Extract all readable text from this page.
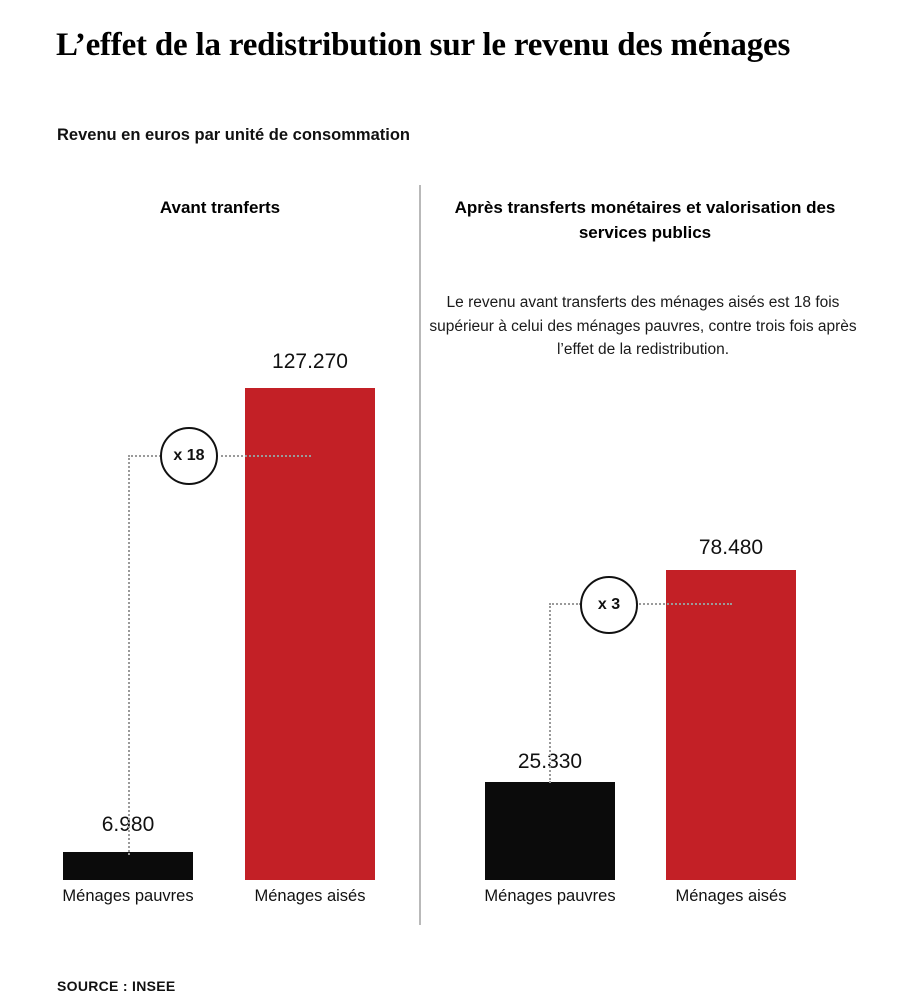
L’effet de la redistribution sur le revenu des ménages
Revenu en euros par unité de consommation
Avant tranferts	Après transferts monétaires et valorisation des services publics
Le revenu avant transferts des ménages aisés est 18 fois supérieur à celui des ménages pauvres, contre trois fois après l’effet de la redistribution.
6.980
Ménages pauvres
127.270
Ménages aisés
x 18
25.330
Ménages pauvres
78.480
Ménages aisés
x 3
SOURCE : INSEE
